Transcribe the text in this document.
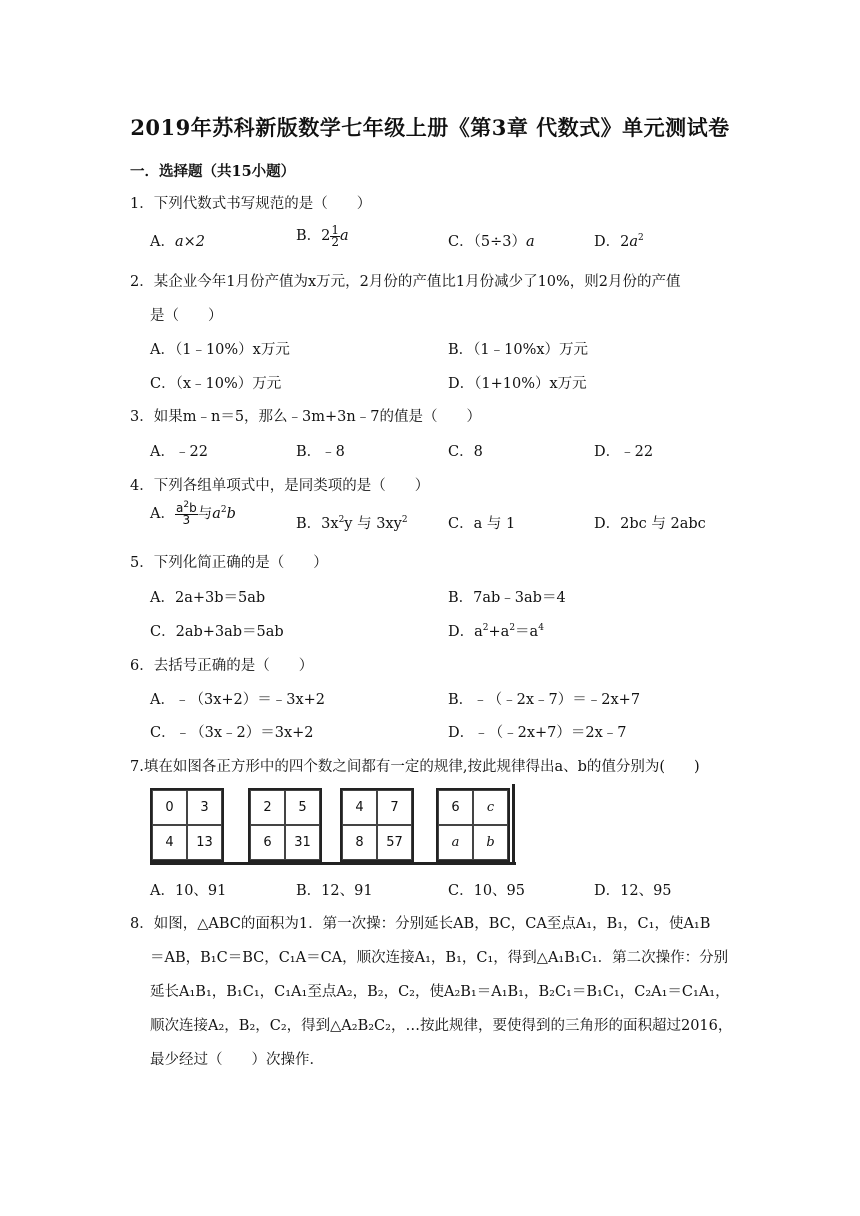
2019年苏科新版数学七年级上册《第3章 代数式》单元测试卷
一．选择题（共15小题）
1．下列代数式书写规范的是（　　）
A．a×2	B．$2 \frac{1}{2}$ a	C．（5÷3）a	D．$2a^2$
2．某企业今年1月份产值为x万元，2月份的产值比1月份减少了10%，则2月份的产值
是（　　）
A．（1﹣10%）x万元	B．（1﹣10%x）万元
C．（x﹣10%）万元	D．（1+10%）x万元
3．如果m﹣n＝5，那么﹣3m+3n﹣7的值是（　　）
A．﹣22	B．﹣8	C．8	D．﹣22
4．下列各组单项式中，是同类项的是（　　）
A． $\frac{a^2b}{3}$ 与$a^2b$
B．$3x^2y$ 与 $3xy^2$	C．a 与 1	D．2bc 与 2abc
5．下列化简正确的是（　　）
A．2a+3b＝5ab	B．7ab﹣3ab＝4
C．2ab+3ab＝5ab	D．$a^2+a^2=a^4$
6．去括号正确的是（　　）
A．﹣（3x+2）＝﹣3x+2	B．﹣（﹣2x﹣7）＝﹣2x+7
C．﹣（3x﹣2）＝3x+2	D．﹣（﹣2x+7）＝2x﹣7
7.填在如图各正方形中的四个数之间都有一定的规律,按此规律得出a、b的值分别为(　　)
0	3
4	13
2	5
6	31
4	7
8	57
6	c
a	b
A．10、91	B．12、91	C．10、95	D．12、95
8．如图，△ABC的面积为1．第一次操：分别延长AB，BC，CA至点A₁，B₁，C₁，使A₁B
＝AB，B₁C＝BC，C₁A＝CA，顺次连接A₁，B₁，C₁，得到△A₁B₁C₁．第二次操作：分别
延长A₁B₁，B₁C₁，C₁A₁至点A₂，B₂，C₂，使A₂B₁＝A₁B₁，B₂C₁＝B₁C₁，C₂A₁＝C₁A₁，
顺次连接A₂，B₂，C₂，得到△A₂B₂C₂，…按此规律，要使得到的三角形的面积超过2016，
最少经过（　　）次操作．
